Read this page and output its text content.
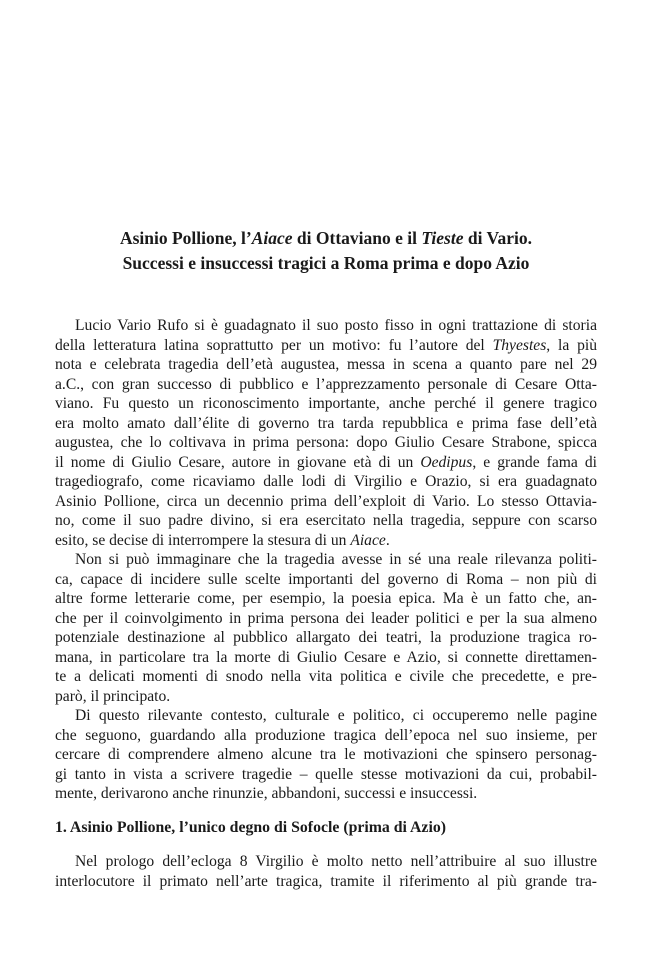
Asinio Pollione, l’Aiace di Ottaviano e il Tieste di Vario.
Successi e insuccessi tragici a Roma prima e dopo Azio
Lucio Vario Rufo si è guadagnato il suo posto fisso in ogni trattazione di storia
della letteratura latina soprattutto per un motivo: fu l’autore del Thyestes, la più
nota e celebrata tragedia dell’età augustea, messa in scena a quanto pare nel 29
a.C., con gran successo di pubblico e l’apprezzamento personale di Cesare Otta-
viano. Fu questo un riconoscimento importante, anche perché il genere tragico
era molto amato dall’élite di governo tra tarda repubblica e prima fase dell’età
augustea, che lo coltivava in prima persona: dopo Giulio Cesare Strabone, spicca
il nome di Giulio Cesare, autore in giovane età di un Oedipus, e grande fama di
tragediografo, come ricaviamo dalle lodi di Virgilio e Orazio, si era guadagnato
Asinio Pollione, circa un decennio prima dell’exploit di Vario. Lo stesso Ottavia-
no, come il suo padre divino, si era esercitato nella tragedia, seppure con scarso
esito, se decise di interrompere la stesura di un Aiace.
Non si può immaginare che la tragedia avesse in sé una reale rilevanza politi-
ca, capace di incidere sulle scelte importanti del governo di Roma – non più di
altre forme letterarie come, per esempio, la poesia epica. Ma è un fatto che, an-
che per il coinvolgimento in prima persona dei leader politici e per la sua almeno
potenziale destinazione al pubblico allargato dei teatri, la produzione tragica ro-
mana, in particolare tra la morte di Giulio Cesare e Azio, si connette direttamen-
te a delicati momenti di snodo nella vita politica e civile che precedette, e pre-
parò, il principato.
Di questo rilevante contesto, culturale e politico, ci occuperemo nelle pagine
che seguono, guardando alla produzione tragica dell’epoca nel suo insieme, per
cercare di comprendere almeno alcune tra le motivazioni che spinsero personag-
gi tanto in vista a scrivere tragedie – quelle stesse motivazioni da cui, probabil-
mente, derivarono anche rinunzie, abbandoni, successi e insuccessi.
1. Asinio Pollione, l’unico degno di Sofocle (prima di Azio)
Nel prologo dell’ecloga 8 Virgilio è molto netto nell’attribuire al suo illustre
interlocutore il primato nell’arte tragica, tramite il riferimento al più grande tra-
